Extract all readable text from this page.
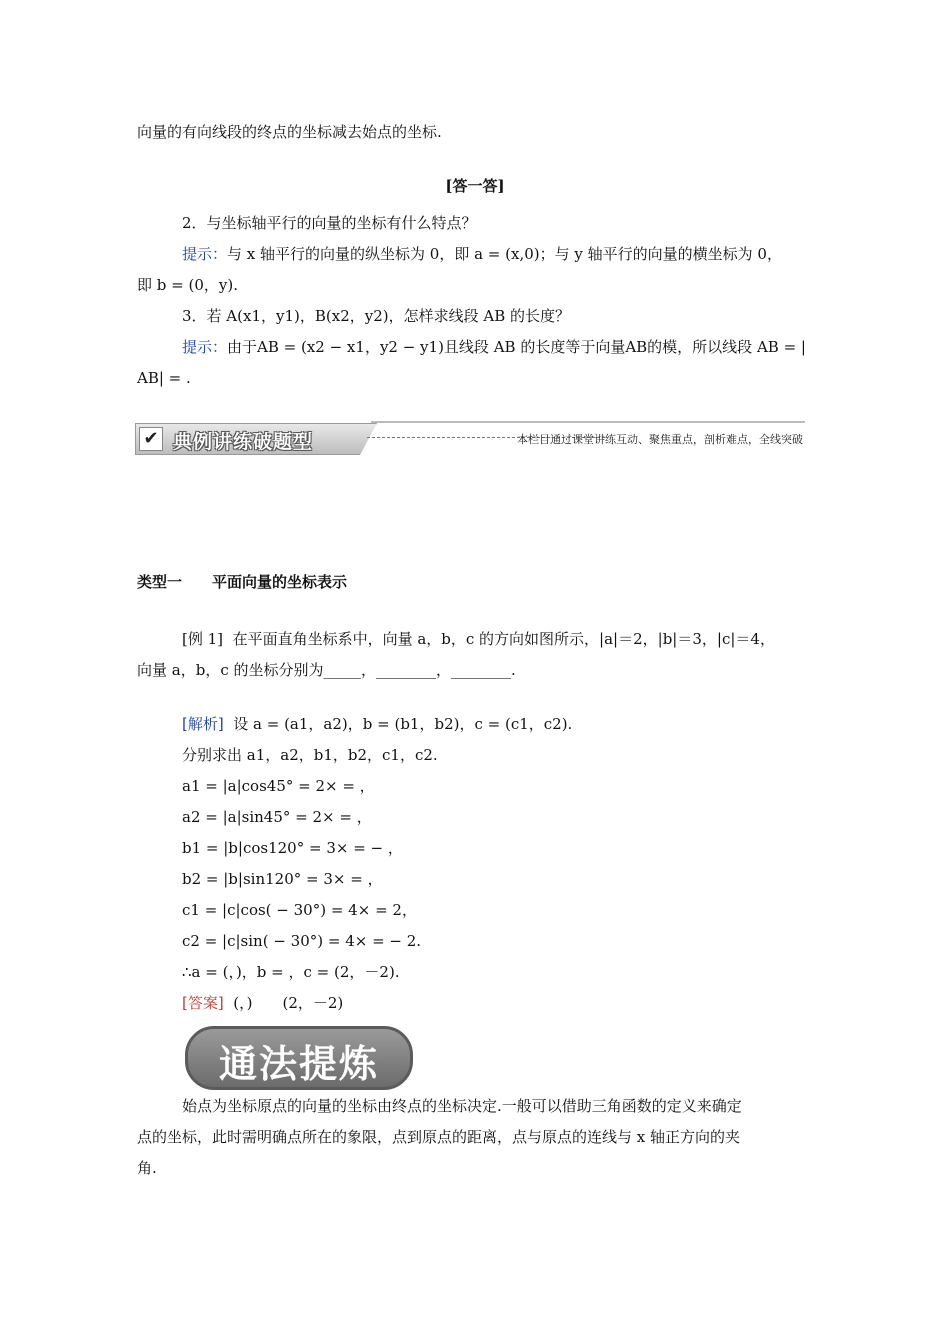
向量的有向线段的终点的坐标减去始点的坐标.
[答一答]
2．与坐标轴平行的向量的坐标有什么特点？
提示：与 x 轴平行的向量的纵坐标为 0，即 a = (x,0)；与 y 轴平行的向量的横坐标为 0，
即 b = (0，y).
3．若 A(x1，y1)，B(x2，y2)，怎样求线段 AB 的长度？
提示：由于AB = (x2 − x1，y2 − y1)且线段 AB 的长度等于向量AB的模，所以线段 AB = |
AB| = .
✔ 典例讲练破题型	本栏目通过课堂讲练互动、聚焦重点，剖析难点，全线突破
类型一　　平面向量的坐标表示
[例 1] 在平面直角坐标系中，向量 a，b，c 的方向如图所示，|a|＝2，|b|＝3，|c|＝4，
向量 a，b，c 的坐标分别为_____，________，________.
[解析] 设 a = (a1，a2)，b = (b1，b2)，c = (c1，c2).
分别求出 a1，a2，b1，b2，c1，c2.
a1 = |a|cos45° = 2× = ，
a2 = |a|sin45° = 2× = ，
b1 = |b|cos120° = 3× = − ，
b2 = |b|sin120° = 3× = ，
c1 = |c|cos( − 30°) = 4× = 2，
c2 = |c|sin( − 30°) = 4× = − 2.
∴a = (，)，b = ，c = (2，－2).
[答案] (，)　　(2，－2)
通法提炼
始点为坐标原点的向量的坐标由终点的坐标决定.一般可以借助三角函数的定义来确定
点的坐标，此时需明确点所在的象限，点到原点的距离，点与原点的连线与 x 轴正方向的夹
角.
